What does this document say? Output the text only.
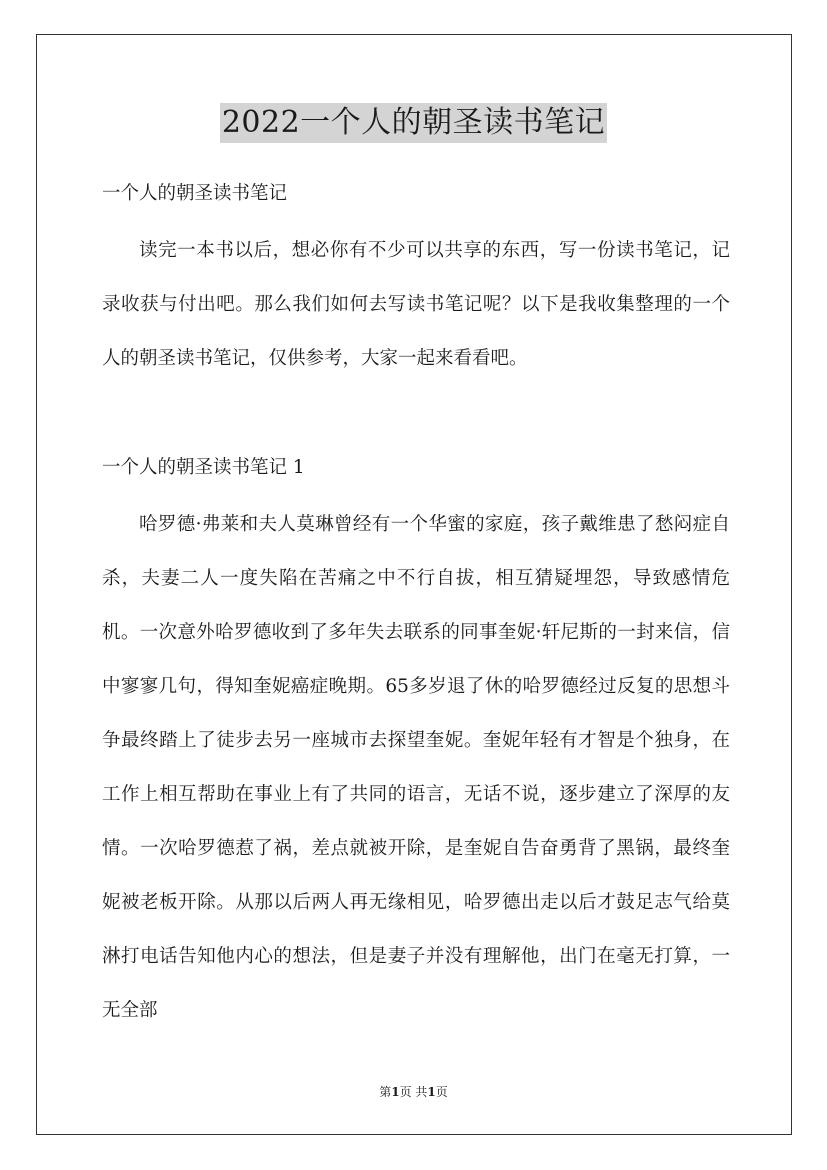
2022一个人的朝圣读书笔记

一个人的朝圣读书笔记

读完一本书以后，想必你有不少可以共享的东西，写一份读书笔记，记录收获与付出吧。那么我们如何去写读书笔记呢？以下是我收集整理的一个人的朝圣读书笔记，仅供参考，大家一起来看看吧。

一个人的朝圣读书笔记 1

哈罗德·弗莱和夫人莫琳曾经有一个华蜜的家庭，孩子戴维患了愁闷症自杀，夫妻二人一度失陷在苦痛之中不行自拔，相互猜疑埋怨，导致感情危机。一次意外哈罗德收到了多年失去联系的同事奎妮·轩尼斯的一封来信，信中寥寥几句，得知奎妮癌症晚期。65多岁退了休的哈罗德经过反复的思想斗争最终踏上了徒步去另一座城市去探望奎妮。奎妮年轻有才智是个独身，在工作上相互帮助在事业上有了共同的语言，无话不说，逐步建立了深厚的友情。一次哈罗德惹了祸，差点就被开除，是奎妮自告奋勇背了黑锅，最终奎妮被老板开除。从那以后两人再无缘相见，哈罗德出走以后才鼓足志气给莫淋打电话告知他内心的想法，但是妻子并没有理解他，出门在毫无打算，一无全部

第1页 共1页
